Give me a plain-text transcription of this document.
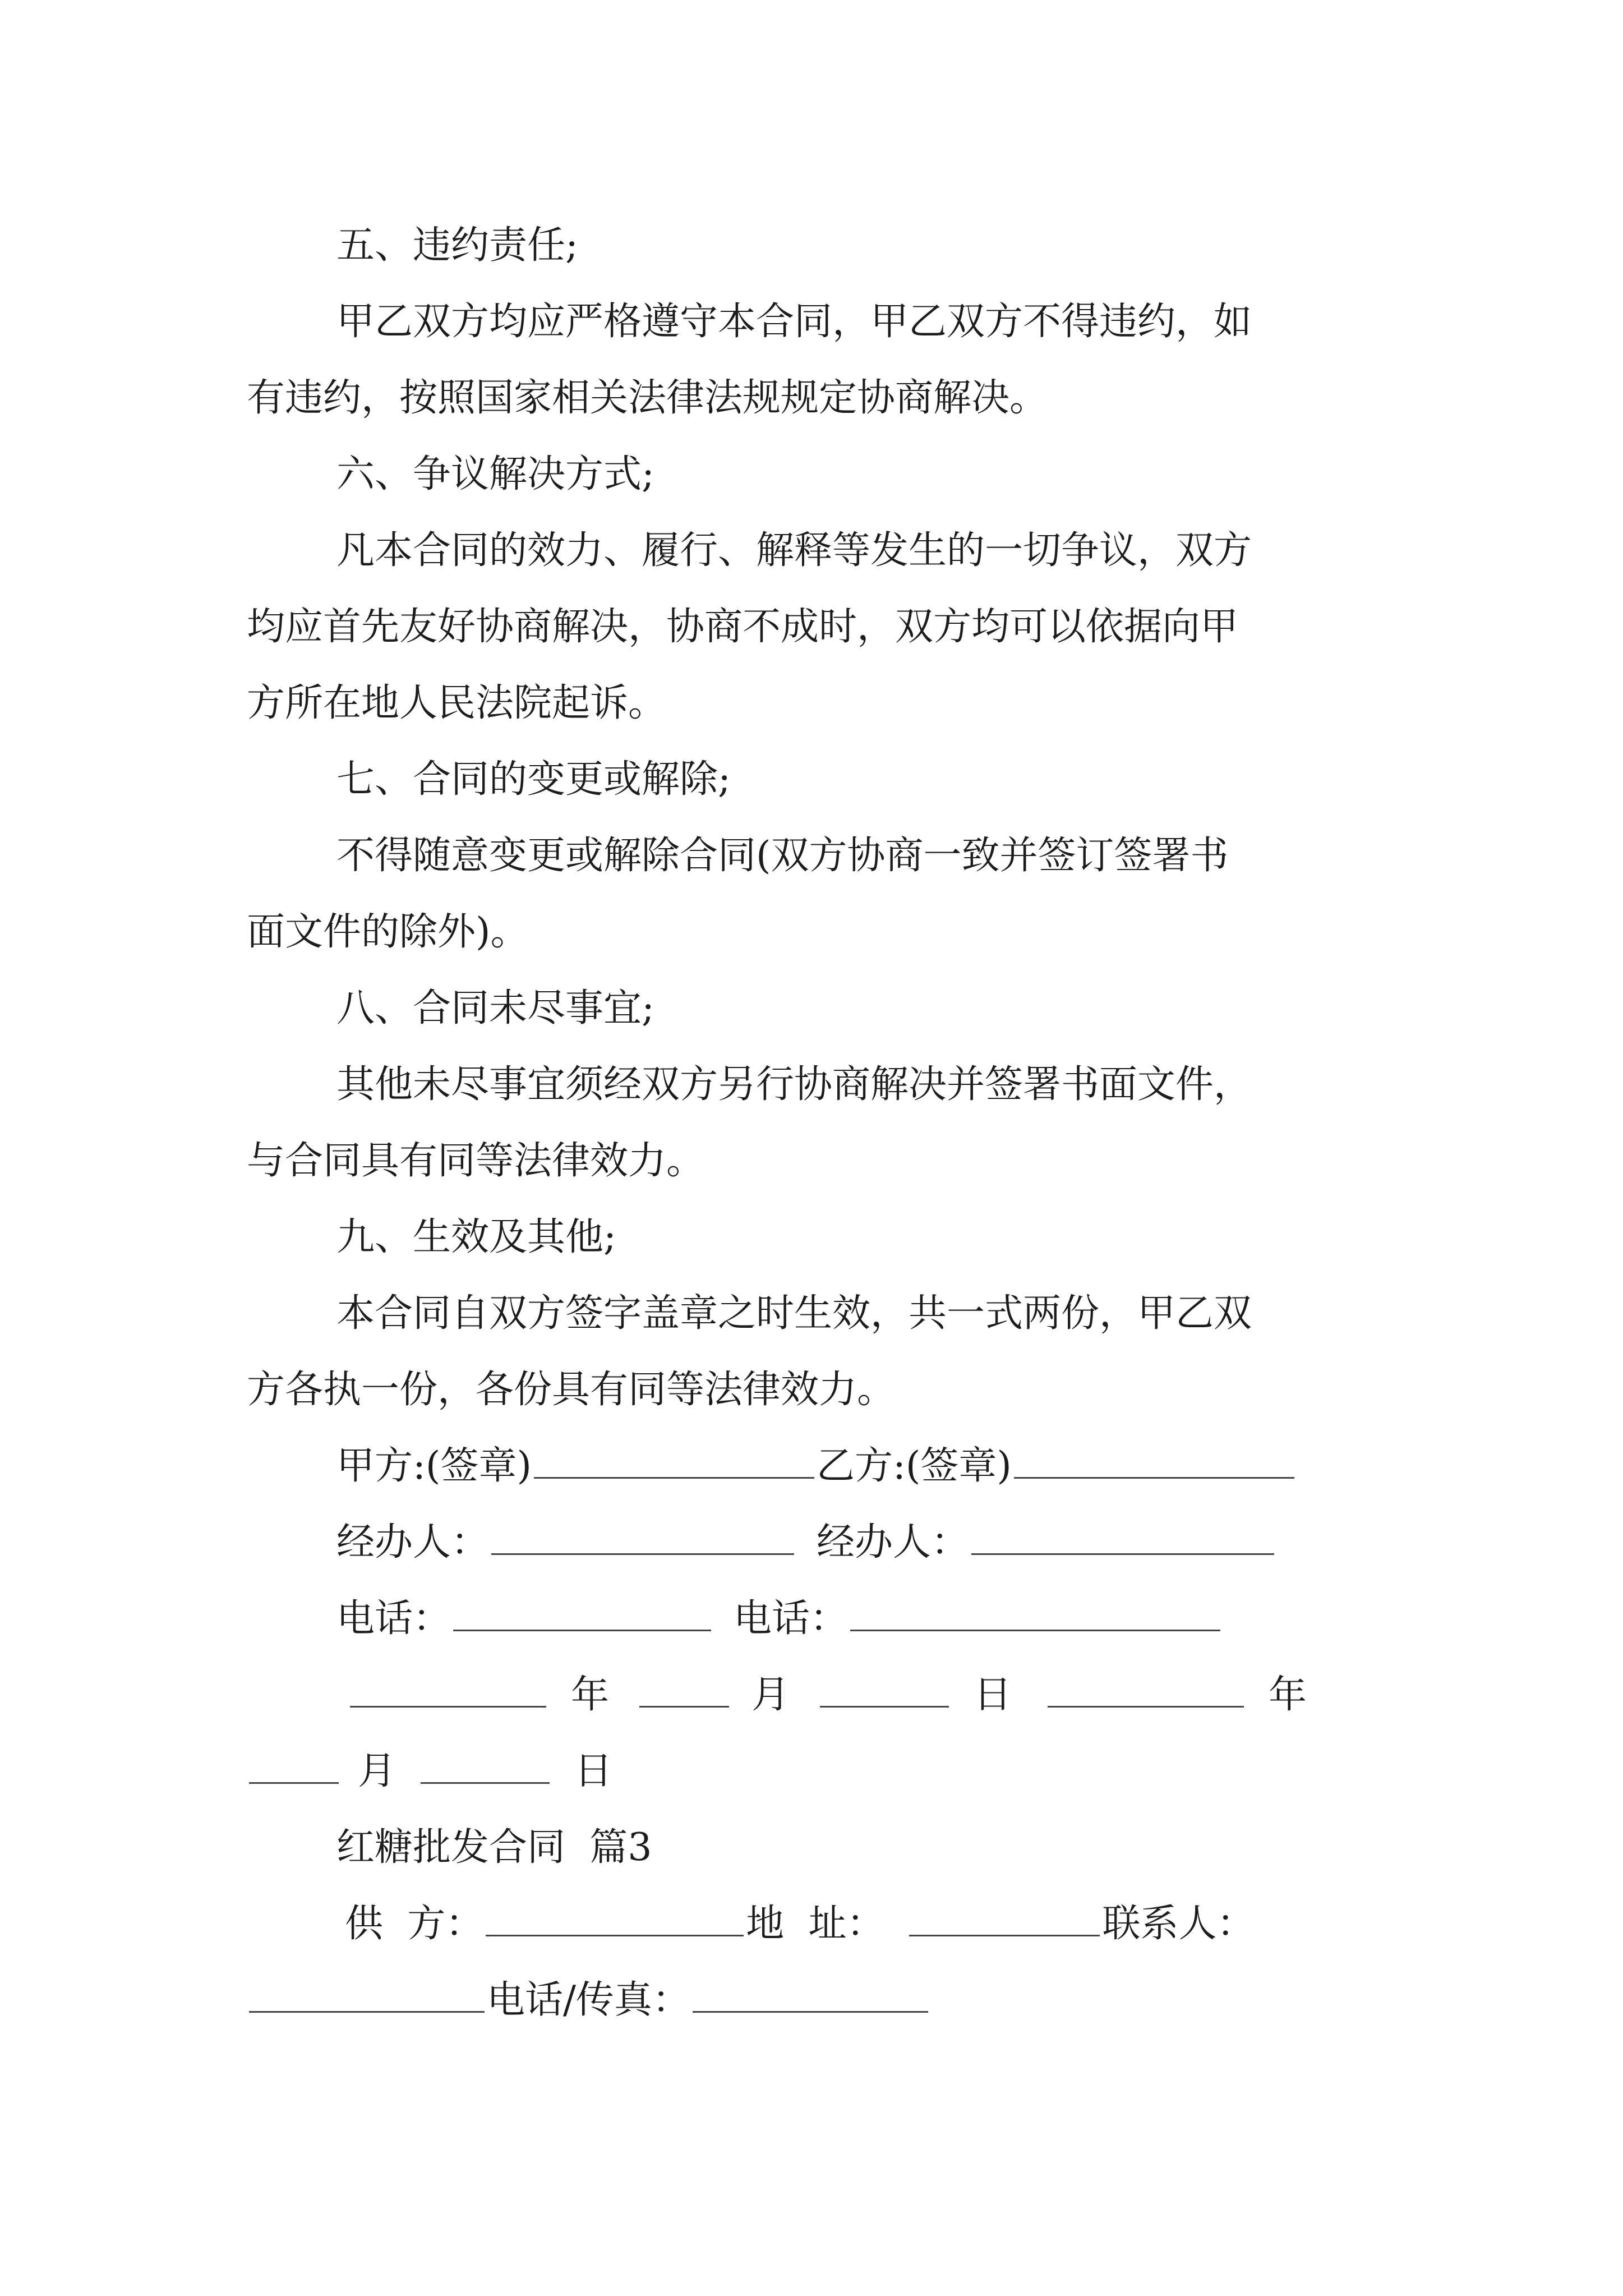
五、违约责任;
甲乙双方均应严格遵守本合同，甲乙双方不得违约，如
有违约，按照国家相关法律法规规定协商解决。
六、争议解决方式;
凡本合同的效力、履行、解释等发生的一切争议，双方
均应首先友好协商解决，协商不成时，双方均可以依据向甲
方所在地人民法院起诉。
七、合同的变更或解除;
不得随意变更或解除合同(双方协商一致并签订签署书
面文件的除外)。
八、合同未尽事宜;
其他未尽事宜须经双方另行协商解决并签署书面文件，
与合同具有同等法律效力。
九、生效及其他;
本合同自双方签字盖章之时生效，共一式两份，甲乙双
方各执一份，各份具有同等法律效力。
甲方:(签章)	乙方:(签章)
经办人：	经办人：
电话：	电话：
年	月	日	年
月	日
红糖批发合同  篇3
供  方：	地  址：	联系人：
电话/传真：
